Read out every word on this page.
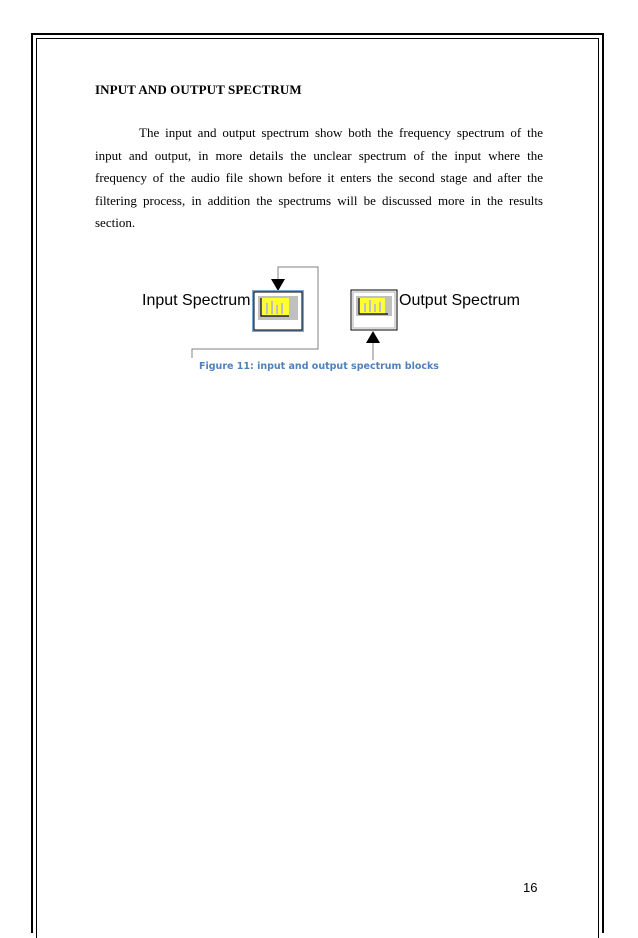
INPUT AND OUTPUT SPECTRUM

The input and output spectrum show both the frequency spectrum of the input and output, in more details the unclear spectrum of the input where the frequency of the audio file shown before it enters the second stage and after the filtering process, in addition the spectrums will be discussed more in the results section.

Input Spectrum	Output Spectrum
Figure 11: input and output spectrum blocks
16
